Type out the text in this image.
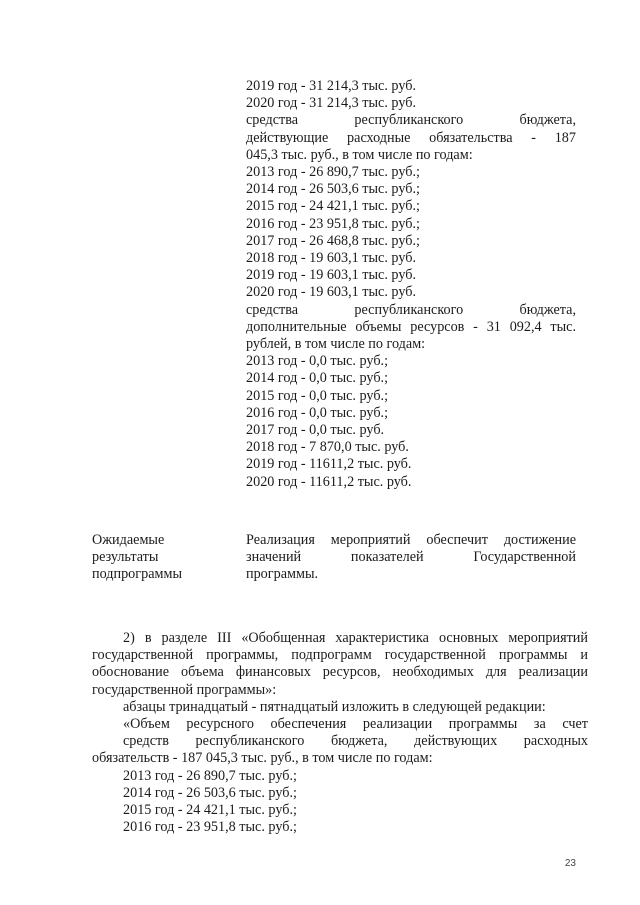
2019 год - 31 214,3 тыс. руб.
2020 год - 31 214,3 тыс. руб.
средства республиканского бюджета,
действующие расходные обязательства - 187
045,3 тыс. руб., в том числе по годам:
2013 год - 26 890,7 тыс. руб.;
2014 год - 26 503,6 тыс. руб.;
2015 год - 24 421,1 тыс. руб.;
2016 год - 23 951,8 тыс. руб.;
2017 год - 26 468,8 тыс. руб.;
2018 год - 19 603,1 тыс. руб.
2019 год - 19 603,1 тыс. руб.
2020 год - 19 603,1 тыс. руб.
средства республиканского бюджета,
дополнительные объемы ресурсов - 31 092,4 тыс.
рублей, в том числе по годам:
2013 год - 0,0 тыс. руб.;
2014 год - 0,0 тыс. руб.;
2015 год - 0,0 тыс. руб.;
2016 год - 0,0 тыс. руб.;
2017 год - 0,0 тыс. руб.
2018 год - 7 870,0 тыс. руб.
2019 год - 11611,2 тыс. руб.
2020 год - 11611,2 тыс. руб.
Ожидаемые
результаты
подпрограммы
Реализация мероприятий обеспечит достижение
значений показателей Государственной
программы.
2) в разделе III «Обобщенная характеристика основных мероприятий государственной программы, подпрограмм государственной программы и обоснование объема финансовых ресурсов, необходимых для реализации государственной программы»:
абзацы тринадцатый - пятнадцатый изложить в следующей редакции:
«Объем ресурсного обеспечения реализации программы за счет
средств республиканского бюджета, действующих расходных
обязательств - 187 045,3 тыс. руб., в том числе по годам:
2013 год - 26 890,7 тыс. руб.;
2014 год - 26 503,6 тыс. руб.;
2015 год - 24 421,1 тыс. руб.;
2016 год - 23 951,8 тыс. руб.;
23
